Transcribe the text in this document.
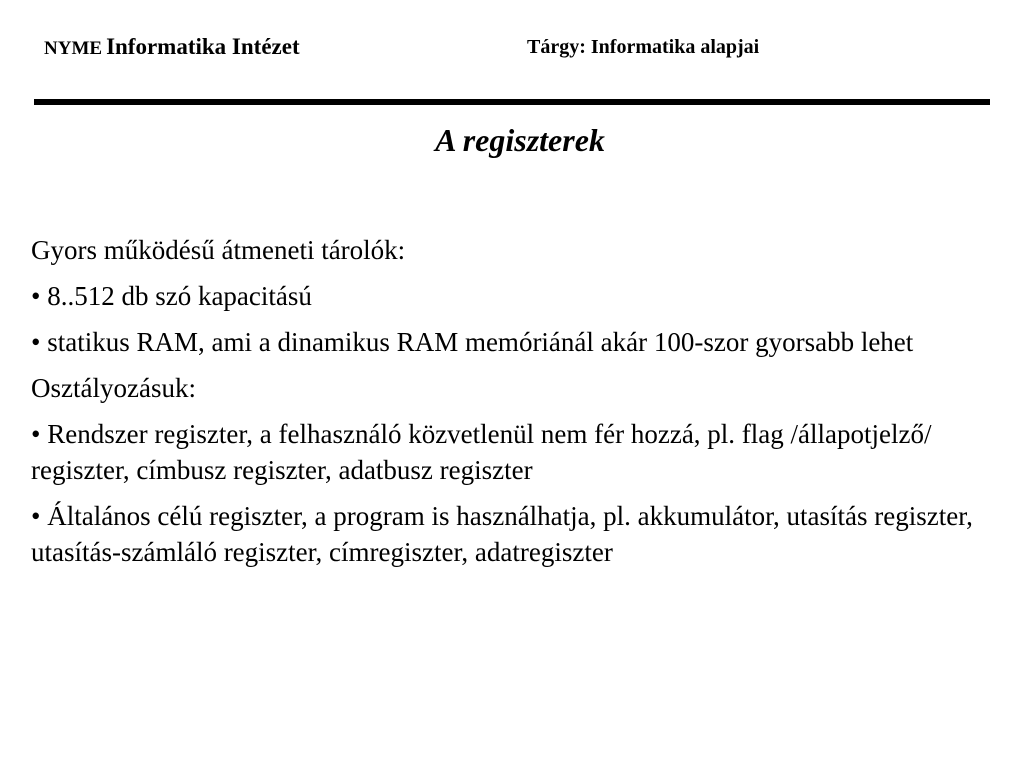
NYME Informatika Intézet	Tárgy: Informatika alapjai
A regiszterek

Gyors működésű átmeneti tárolók:

• 8..512 db szó kapacitású

• statikus RAM, ami a dinamikus RAM memóriánál akár 100-szor gyorsabb lehet

Osztályozásuk:

• Rendszer regiszter, a felhasználó közvetlenül nem fér hozzá, pl. flag /állapotjelző/ regiszter, címbusz regiszter, adatbusz regiszter

• Általános célú regiszter, a program is használhatja, pl. akkumulátor, utasítás regiszter, utasítás-számláló regiszter, címregiszter, adatregiszter
